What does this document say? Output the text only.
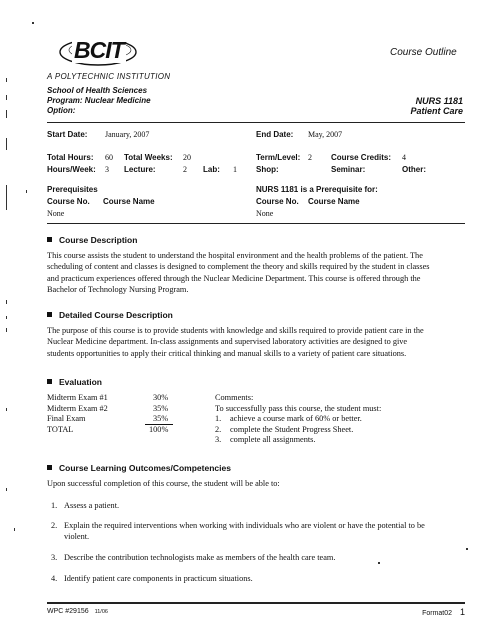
BCIT
A POLYTECHNIC INSTITUTION
Course Outline
School of Health Sciences
Program: Nuclear Medicine
Option:
NURS 1181
Patient Care
Start Date: January, 2007	End Date: May, 2007
Total Hours: 60 Total Weeks: 20	Term/Level: 2 Course Credits: 4
Hours/Week: 3 Lecture:	2 Lab: 1 Shop:	Seminar:	Other:
Prerequisites	NURS 1181 is a Prerequisite for:
Course No. Course Name	Course No. Course Name
None	None
Course Description
This course assists the student to understand the hospital environment and the health problems of the patient. The
scheduling of content and classes is designed to complement the theory and skills required by the student in classes
and practicum experiences offered through the Nuclear Medicine Department. This course is offered through the
Bachelor of Technology Nursing Program.
Detailed Course Description
The purpose of this course is to provide students with knowledge and skills required to provide patient care in the
Nuclear Medicine department. In-class assignments and supervised laboratory activities are designed to give
students opportunities to apply their critical thinking and manual skills to a variety of patient care situations.
Evaluation
Midterm Exam #1	30%
Midterm Exam #2	35%
Final Exam	35%
TOTAL	100%
Comments:
To successfully pass this course, the student must:
1. achieve a course mark of 60% or better.
2. complete the Student Progress Sheet.
3. complete all assignments.
Course Learning Outcomes/Competencies
Upon successful completion of this course, the student will be able to:
1. Assess a patient.
2. Explain the required interventions when working with individuals who are violent or have the potential to be
violent.
3. Describe the contribution technologists make as members of the health care team.
4. Identify patient care components in practicum situations.
WPC #29156 11/06	Format02 1
